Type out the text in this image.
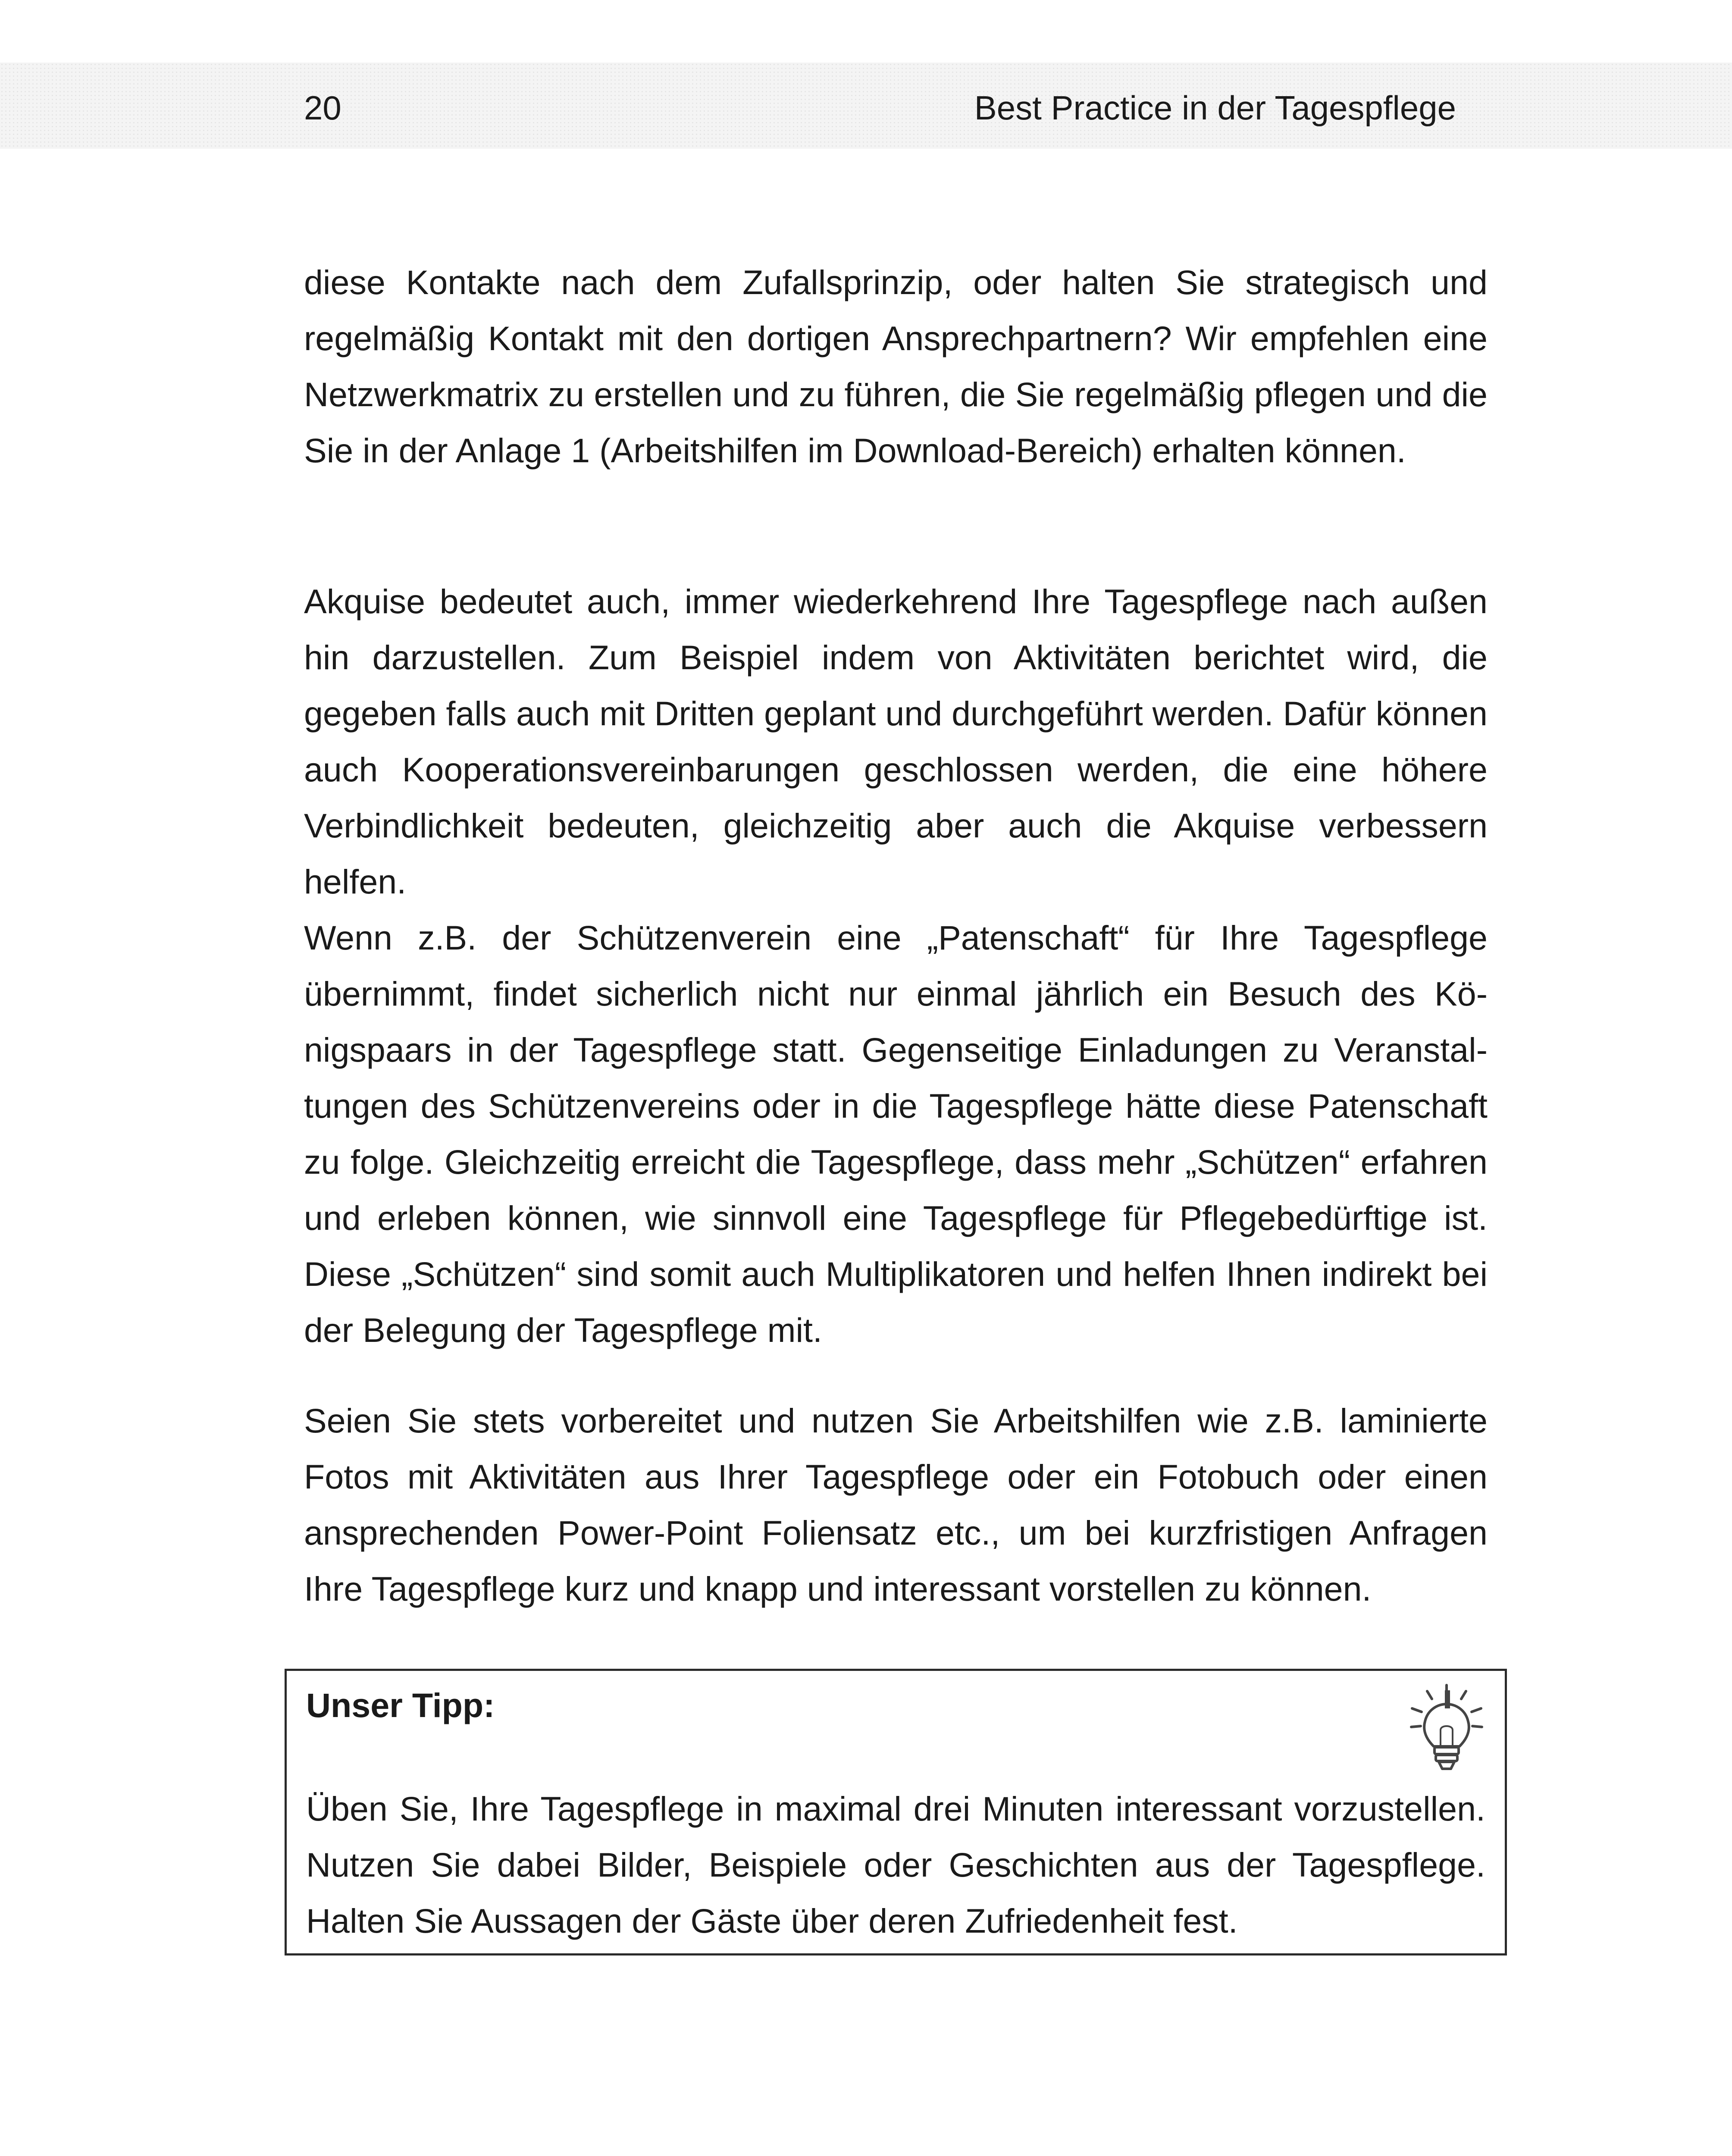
20	Best Practice in der Tagespflege

diese Kontakte nach dem Zufallsprinzip, oder halten Sie strategisch und regelmäßig Kontakt mit den dortigen Ansprechpartnern? Wir empfehlen eine Netzwerkmatrix zu erstellen und zu führen, die Sie regelmäßig pflegen und die Sie in der Anlage 1 (Arbeitshilfen im Download-Bereich) erhalten können.

Akquise bedeutet auch, immer wiederkehrend Ihre Tagespflege nach außen hin darzustellen. Zum Beispiel indem von Aktivitäten berichtet wird, die gegeben falls auch mit Dritten geplant und durchgeführt werden. Dafür können auch Kooperationsvereinbarungen geschlossen werden, die eine höhere Verbindlichkeit bedeuten, gleichzeitig aber auch die Akquise verbessern helfen.

Wenn z.B. der Schützenverein eine „Patenschaft“ für Ihre Tagespflege übernimmt, findet sicherlich nicht nur einmal jährlich ein Besuch des Königspaars in der Tagespflege statt. Gegenseitige Einladungen zu Veranstaltungen des Schützenvereins oder in die Tagespflege hätte diese Patenschaft zu folge. Gleichzeitig erreicht die Tagespflege, dass mehr „Schützen“ erfahren und erleben können, wie sinnvoll eine Tagespflege für Pflegebedürftige ist. Diese „Schützen“ sind somit auch Multiplikatoren und helfen Ihnen indirekt bei der Belegung der Tagespflege mit.

Seien Sie stets vorbereitet und nutzen Sie Arbeitshilfen wie z.B. laminierte Fotos mit Aktivitäten aus Ihrer Tagespflege oder ein Fotobuch oder einen ansprechenden Power-Point Foliensatz etc., um bei kurzfristigen Anfragen Ihre Tagespflege kurz und knapp und interessant vorstellen zu können.

Unser Tipp:
Üben Sie, Ihre Tagespflege in maximal drei Minuten interessant vorzustellen. Nutzen Sie dabei Bilder, Beispiele oder Geschichten aus der Tagespflege. Halten Sie Aussagen der Gäste über deren Zufriedenheit fest.
